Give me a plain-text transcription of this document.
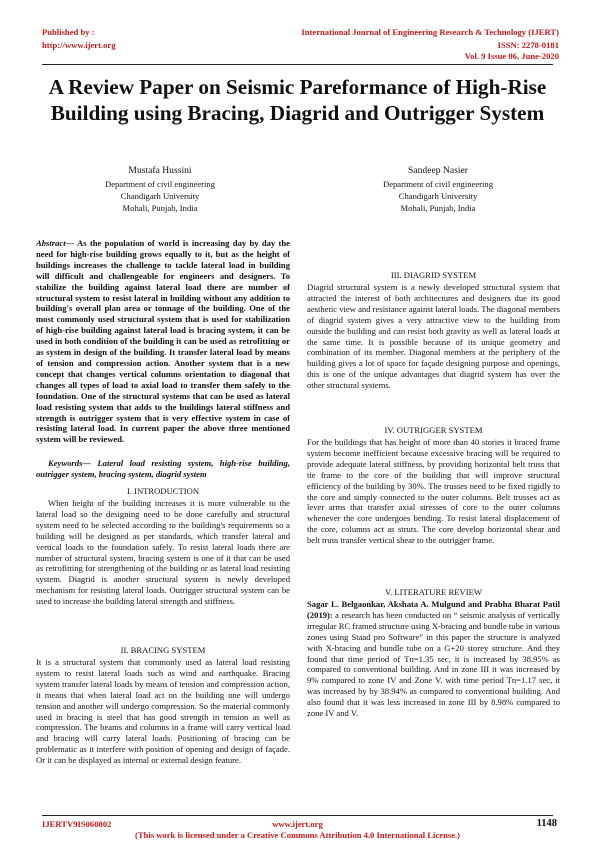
Published by :
http://www.ijert.org
International Journal of Engineering Research & Technology (IJERT)
ISSN: 2278-0181
Vol. 9 Issue 06, June-2020
A Review Paper on Seismic Pareformance of High-Rise Building using Bracing, Diagrid and Outrigger System
Mustafa Hussini
Department of civil engineering
Chandigarh University
Mohali, Punjab, India
Sandeep Nasier
Department of civil engineering
Chandigarh University
Mohali, Punjab, India

Abstract— As the population of world is increasing day by day the need for high-rise building grows equally to it, but as the height of buildings increases the challenge to tackle lateral load in building will difficult and challengeable for engineers and designers. To stabilize the building against lateral load there are number of structural system to resist lateral in building without any addition to building's overall plan area or tonnage of the building. One of the most commonly used structural system that is used for stabilization of high-rise building against lateral load is bracing system, it can be used in both condition of the building it can be used as retrofitting or as system in design of the building. It transfer lateral load by means of tension and compression action. Another system that is a new concept that changes vertical columns orientation to diagonal that changes all types of load to axial load to transfer them safely to the foundation. One of the structural systems that can be used as lateral load resisting system that adds to the buildings lateral stiffness and strength is outrigger system that is very effective system in case of resisting lateral load. In current paper the above three mentioned system will be reviewed.

Keywords— Lateral load resisting system, high-rise building, outrigger system, bracing system, diagrid system

I. INTRODUCTION

When height of the building increases it is more vulnerable to the lateral load so the designing need to be done carefully and structural system need to be selected according to the building's requirements so a building will be designed as per standards, which transfer lateral and vertical loads to the foundation safely. To resist lateral loads there are number of structural system, bracing system is one of it that can be used as retrofitting for strengthening of the building or as lateral load resisting system. Diagrid is another structural system is newly developed mechanism for resisting lateral loads. Outrigger structural system can be used to increase the building lateral strength and stiffness.

II. BRACING SYSTEM

It is a structural system that commonly used as lateral load resisting system to resist lateral loads such as wind and earthquake. Bracing system transfer lateral loads by means of tension and compression action, it means that when lateral load act on the building one will undergo tension and another will undergo compression. So the material commonly used in bracing is steel that has good strength in tension as well as compression. The beams and columns in a frame will carry vertical load and bracing will carry lateral loads. Positioning of bracing can be problematic as it interfere with position of opening and design of façade. Or it can be displayed as internal or external design feature.

III. DIAGRID SYSTEM

Diagrid structural system is a newly developed structural system that attracted the interest of both architectures and designers due its good aesthetic view and resistance against lateral loads. The diagonal members of diagrid system gives a very attractive view to the building from outside the building and can resist both gravity as well as lateral loads at the same time. It is possible because of its unique geometry and combination of its member. Diagonal members at the periphery of the building gives a lot of space for façade designing purpose and openings, this is one of the unique advantages that diagrid system has over the other structural systems.

IV. OUTRIGGER SYSTEM

For the buildings that has height of more than 40 stories it braced frame system become inefficient because excessive bracing will be required to provide adequate lateral stiffness, by providing horizontal belt truss that tie frame to the core of the building that will improve structural efficiency of the building by 30%. The trusses need to be fixed rigidly to the core and simply connected to the outer columns. Belt trusses act as lever arms that transfer axial stresses of core to the outer columns whenever the core undergoes bending. To resist lateral displacement of the core, columns act as struts. The core develop horizontal shear and belt truss transfer vertical shear to the outrigger frame.

V. LITERATURE REVIEW

Sagar L. Belgaonkar, Akshata A. Mulgund and Prabha Bharat Patil (2019): a research has been conducted on “ seismic analysis of vertically irregular RC framed structure using X-bracing and bundle tube in various zones using Staad pro Software” in this paper the structure is analyzed with X-bracing and bundle tube on a G+20 storey structure. And they found that time period of Tn=1.35 sec, it is increased by 38.95% as compared to conventional building. And in zone III it was increased by 9% compared to zone IV and Zone V. with time period Tn=1.17 sec, it was increased by by 38.94% as compared to conventional building. And also found that it was less increased in zone III by 8.98% compared to zone IV and V.

IJERTV9IS060802	www.ijert.org
(This work is licensed under a Creative Commons Attribution 4.0 International License.)
1148
